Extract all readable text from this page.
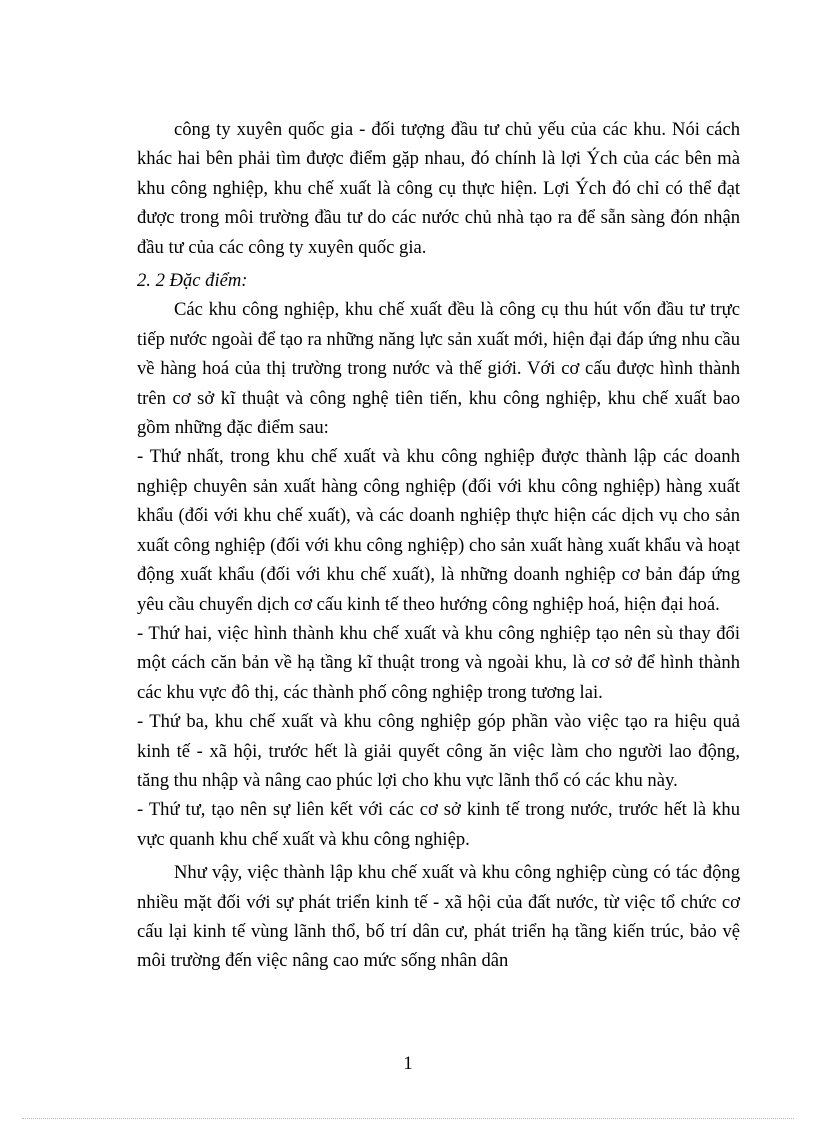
công ty xuyên quốc gia - đối tượng đầu tư chủ yếu của các khu. Nói cách khác hai bên phải tìm được điểm gặp nhau, đó chính là lợi Ých của các bên mà khu công nghiệp, khu chế xuất là công cụ thực hiện. Lợi Ých đó chỉ có thể đạt được trong môi trường đầu tư do các nước chủ nhà tạo ra để sẵn sàng đón nhận đầu tư của các công ty xuyên quốc gia.

2. 2 Đặc điểm:

Các khu công nghiệp, khu chế xuất đều là công cụ thu hút vốn đầu tư trực tiếp nước ngoài để tạo ra những năng lực sản xuất mới, hiện đại đáp ứng nhu cầu về hàng hoá của thị trường trong nước và thế giới. Với cơ cấu được hình thành trên cơ sở kĩ thuật và công nghệ tiên tiến, khu công nghiệp, khu chế xuất bao gồm những đặc điểm sau:

- Thứ nhất, trong khu chế xuất và khu công nghiệp được thành lập các doanh nghiệp chuyên sản xuất hàng công nghiệp (đối với khu công nghiệp) hàng xuất khẩu (đối với khu chế xuất), và các doanh nghiệp thực hiện các dịch vụ cho sản xuất công nghiệp (đối với khu công nghiệp) cho sản xuất hàng xuất khẩu và hoạt động xuất khẩu (đối với khu chế xuất), là những doanh nghiệp cơ bản đáp ứng yêu cầu chuyển dịch cơ cấu kinh tế theo hướng công nghiệp hoá, hiện đại hoá.

- Thứ hai, việc hình thành khu chế xuất và khu công nghiệp tạo nên sù thay đổi một cách căn bản về hạ tầng kĩ thuật trong và ngoài khu, là cơ sở để hình thành các khu vực đô thị, các thành phố công nghiệp trong tương lai.

- Thứ ba, khu chế xuất và khu công nghiệp góp phần vào việc tạo ra hiệu quả kinh tế - xã hội, trước hết là giải quyết công ăn việc làm cho người lao động, tăng thu nhập và nâng cao phúc lợi cho khu vực lãnh thổ có các khu này.

- Thứ tư, tạo nên sự liên kết với các cơ sở kinh tế trong nước, trước hết là khu vực quanh khu chế xuất và khu công nghiệp.

Như vậy, việc thành lập khu chế xuất và khu công nghiệp cùng có tác động nhiều mặt đối với sự phát triển kinh tế - xã hội của đất nước, từ việc tổ chức cơ cấu lại kinh tế vùng lãnh thổ, bố trí dân cư, phát triển hạ tầng kiến trúc, bảo vệ môi trường đến việc nâng cao mức sống nhân dân

1
